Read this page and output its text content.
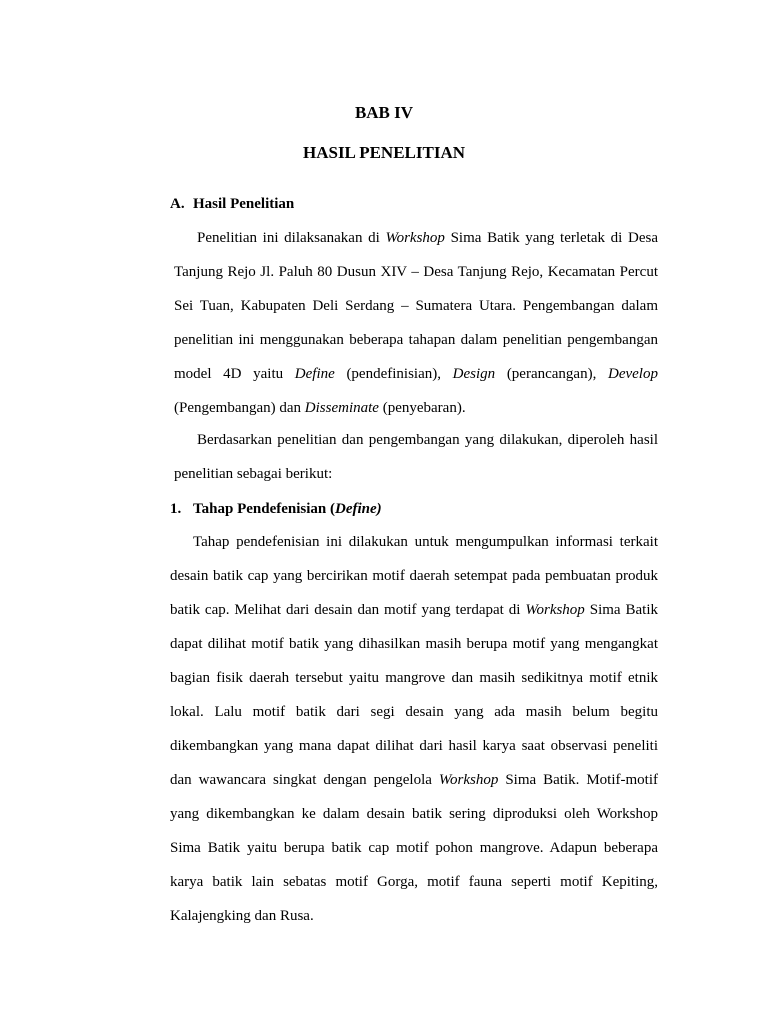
BAB IV
HASIL PENELITIAN
A. Hasil Penelitian

Penelitian ini dilaksanakan di Workshop Sima Batik yang terletak di Desa Tanjung Rejo Jl. Paluh 80 Dusun XIV – Desa Tanjung Rejo, Kecamatan Percut Sei Tuan, Kabupaten Deli Serdang – Sumatera Utara. Pengembangan dalam penelitian ini menggunakan beberapa tahapan dalam penelitian pengembangan model 4D yaitu Define (pendefinisian), Design (perancangan), Develop (Pengembangan) dan Disseminate (penyebaran).

Berdasarkan penelitian dan pengembangan yang dilakukan, diperoleh hasil penelitian sebagai berikut:

1. Tahap Pendefenisian (Define)

Tahap pendefenisian ini dilakukan untuk mengumpulkan informasi terkait desain batik cap yang bercirikan motif daerah setempat pada pembuatan produk batik cap. Melihat dari desain dan motif yang terdapat di Workshop Sima Batik dapat dilihat motif batik yang dihasilkan masih berupa motif yang mengangkat bagian fisik daerah tersebut yaitu mangrove dan masih sedikitnya motif etnik lokal. Lalu motif batik dari segi desain yang ada masih belum begitu dikembangkan yang mana dapat dilihat dari hasil karya saat observasi peneliti dan wawancara singkat dengan pengelola Workshop Sima Batik. Motif-motif yang dikembangkan ke dalam desain batik sering diproduksi oleh Workshop Sima Batik yaitu berupa batik cap motif pohon mangrove. Adapun beberapa karya batik lain sebatas motif Gorga, motif fauna seperti motif Kepiting, Kalajengking dan Rusa.
